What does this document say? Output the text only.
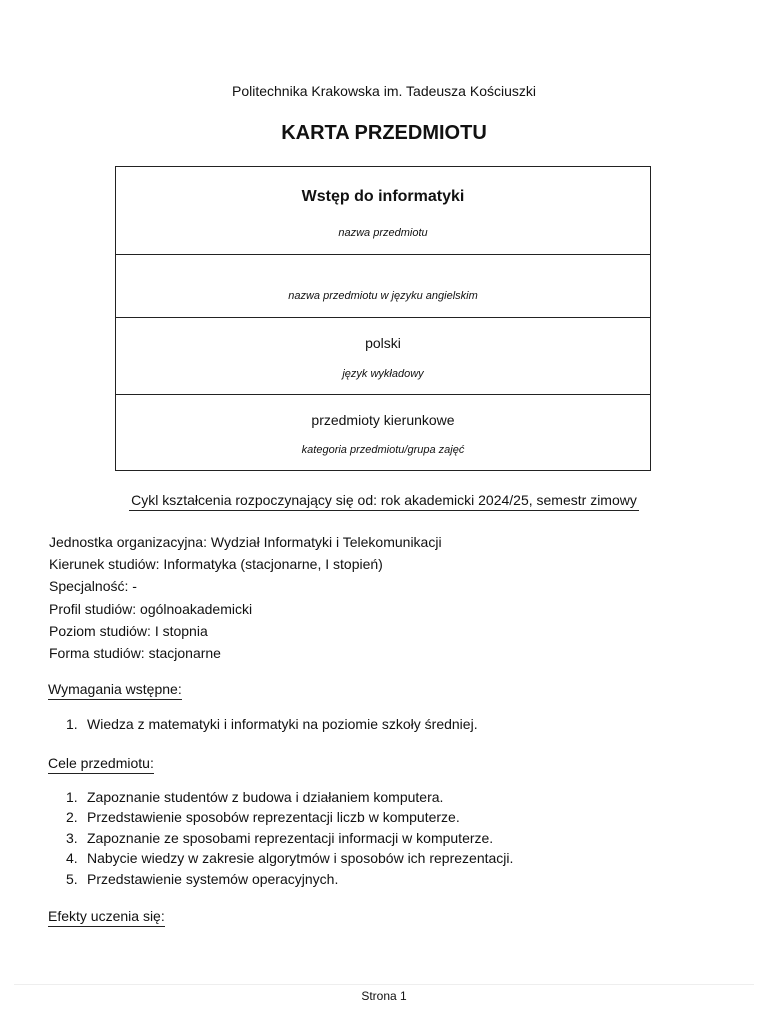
Politechnika Krakowska im. Tadeusza Kościuszki
KARTA PRZEDMIOTU
Wstęp do informatyki
nazwa przedmiotu
nazwa przedmiotu w języku angielskim
polski
język wykładowy
przedmioty kierunkowe
kategoria przedmiotu/grupa zajęć
Cykl kształcenia rozpoczynający się od: rok akademicki 2024/25, semestr zimowy
Jednostka organizacyjna: Wydział Informatyki i Telekomunikacji
Kierunek studiów: Informatyka (stacjonarne, I stopień)
Specjalność: -
Profil studiów: ogólnoakademicki
Poziom studiów: I stopnia
Forma studiów: stacjonarne
Wymagania wstępne:
1. Wiedza z matematyki i informatyki na poziomie szkoły średniej.
Cele przedmiotu:
1. Zapoznanie studentów z budowa i działaniem komputera.
2. Przedstawienie sposobów reprezentacji liczb w komputerze.
3. Zapoznanie ze sposobami reprezentacji informacji w komputerze.
4. Nabycie wiedzy w zakresie algorytmów i sposobów ich reprezentacji.
5. Przedstawienie systemów operacyjnych.
Efekty uczenia się:
Strona 1
